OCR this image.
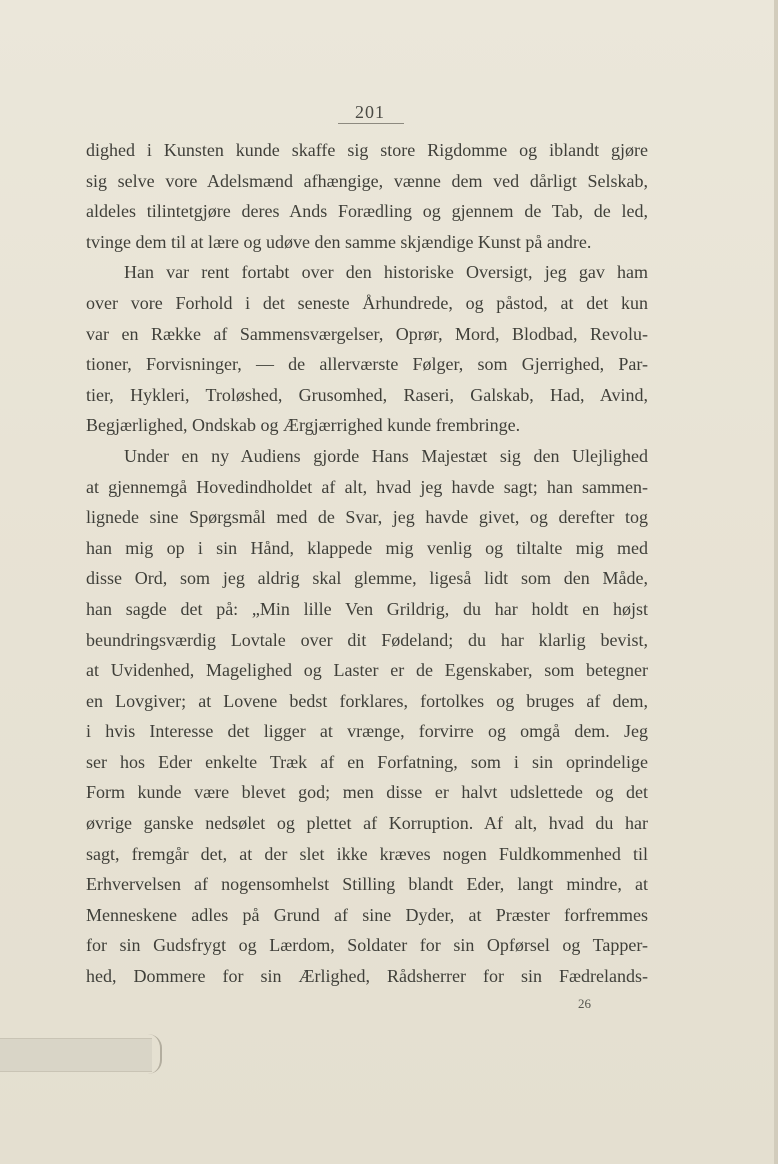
201
dighed i Kunsten kunde skaffe sig store Rigdomme og iblandt gjøre
sig selve vore Adelsmænd afhængige, vænne dem ved dårligt Selskab,
aldeles tilintetgjøre deres Ands Forædling og gjennem de Tab, de led,
tvinge dem til at lære og udøve den samme skjændige Kunst på andre.
Han var rent fortabt over den historiske Oversigt, jeg gav ham
over vore Forhold i det seneste Århundrede, og påstod, at det kun
var en Række af Sammensværgelser, Oprør, Mord, Blodbad, Revolu-
tioner, Forvisninger, — de allerværste Følger, som Gjerrighed, Par-
tier, Hykleri, Troløshed, Grusomhed, Raseri, Galskab, Had, Avind,
Begjærlighed, Ondskab og Ærgjærrighed kunde frembringe.
Under en ny Audiens gjorde Hans Majestæt sig den Ulejlighed
at gjennemgå Hovedindholdet af alt, hvad jeg havde sagt; han sammen-
lignede sine Spørgsmål med de Svar, jeg havde givet, og derefter tog
han mig op i sin Hånd, klappede mig venlig og tiltalte mig med
disse Ord, som jeg aldrig skal glemme, ligeså lidt som den Måde,
han sagde det på: „Min lille Ven Grildrig, du har holdt en højst
beundringsværdig Lovtale over dit Fødeland; du har klarlig bevist,
at Uvidenhed, Magelighed og Laster er de Egenskaber, som betegner
en Lovgiver; at Lovene bedst forklares, fortolkes og bruges af dem,
i hvis Interesse det ligger at vrænge, forvirre og omgå dem. Jeg
ser hos Eder enkelte Træk af en Forfatning, som i sin oprindelige
Form kunde være blevet god; men disse er halvt udslettede og det
øvrige ganske nedsølet og plettet af Korruption. Af alt, hvad du har
sagt, fremgår det, at der slet ikke kræves nogen Fuldkommenhed til
Erhvervelsen af nogensomhelst Stilling blandt Eder, langt mindre, at
Menneskene adles på Grund af sine Dyder, at Præster forfremmes
for sin Gudsfrygt og Lærdom, Soldater for sin Opførsel og Tapper-
hed, Dommere for sin Ærlighed, Rådsherrer for sin Fædrelands-
26
